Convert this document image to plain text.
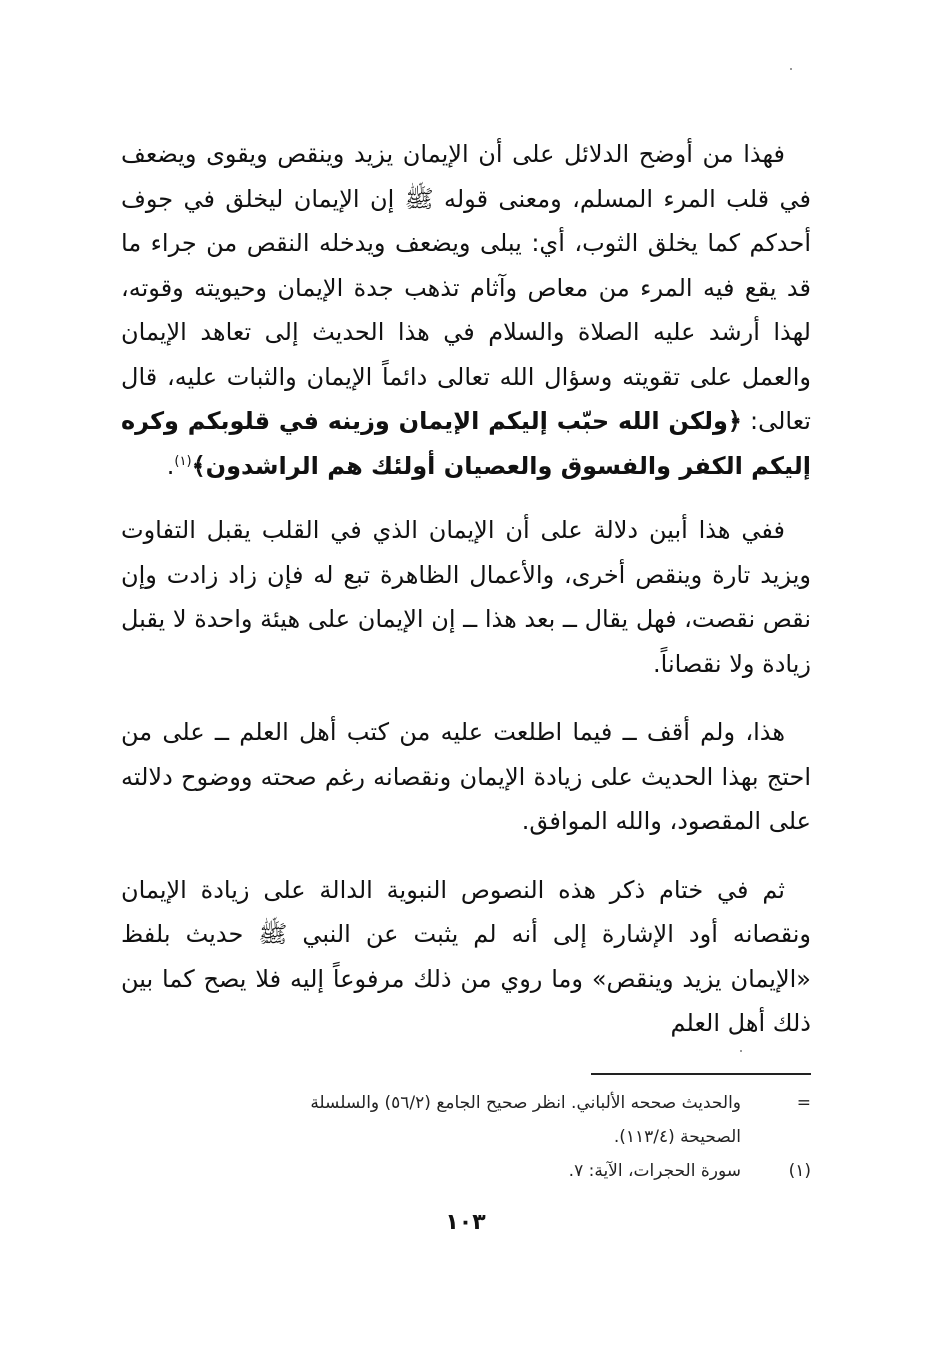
فهذا من أوضح الدلائل على أن الإيمان يزيد وينقص ويقوى ويضعف في قلب المرء المسلم، ومعنى قوله ﷺ إن الإيمان ليخلق في جوف أحدكم كما يخلق الثوب، أي: يبلى ويضعف ويدخله النقص من جراء ما قد يقع فيه المرء من معاص وآثام تذهب جدة الإيمان وحيويته وقوته، لهذا أرشد عليه الصلاة والسلام في هذا الحديث إلى تعاهد الإيمان والعمل على تقويته وسؤال الله تعالى دائماً الإيمان والثبات عليه، قال تعالى: ﴿ولكن الله حبّب إليكم الإيمان وزينه في قلوبكم وكره إليكم الكفر والفسوق والعصيان أولئك هم الراشدون﴾$^{(١)}$.

ففي هذا أبين دلالة على أن الإيمان الذي في القلب يقبل التفاوت ويزيد تارة وينقص أخرى، والأعمال الظاهرة تبع له فإن زاد زادت وإن نقص نقصت، فهل يقال ــ بعد هذا ــ إن الإيمان على هيئة واحدة لا يقبل زيادة ولا نقصاناً.

هذا، ولم أقف ــ فيما اطلعت عليه من كتب أهل العلم ــ على من احتج بهذا الحديث على زيادة الإيمان ونقصانه رغم صحته ووضوح دلالته على المقصود، والله الموافق.

ثم في ختام ذكر هذه النصوص النبوية الدالة على زيادة الإيمان ونقصانه أود الإشارة إلى أنه لم يثبت عن النبي ﷺ حديث بلفظ «الإيمان يزيد وينقص» وما روي من ذلك مرفوعاً إليه فلا يصح كما بين ذلك أهل العلم

=
والحديث صححه الألباني. انظر صحيح الجامع (٥٦/٢) والسلسلة

الصحيحة (١١٣/٤).

(١)
سورة الحجرات، الآية: ٧.

١٠٣
